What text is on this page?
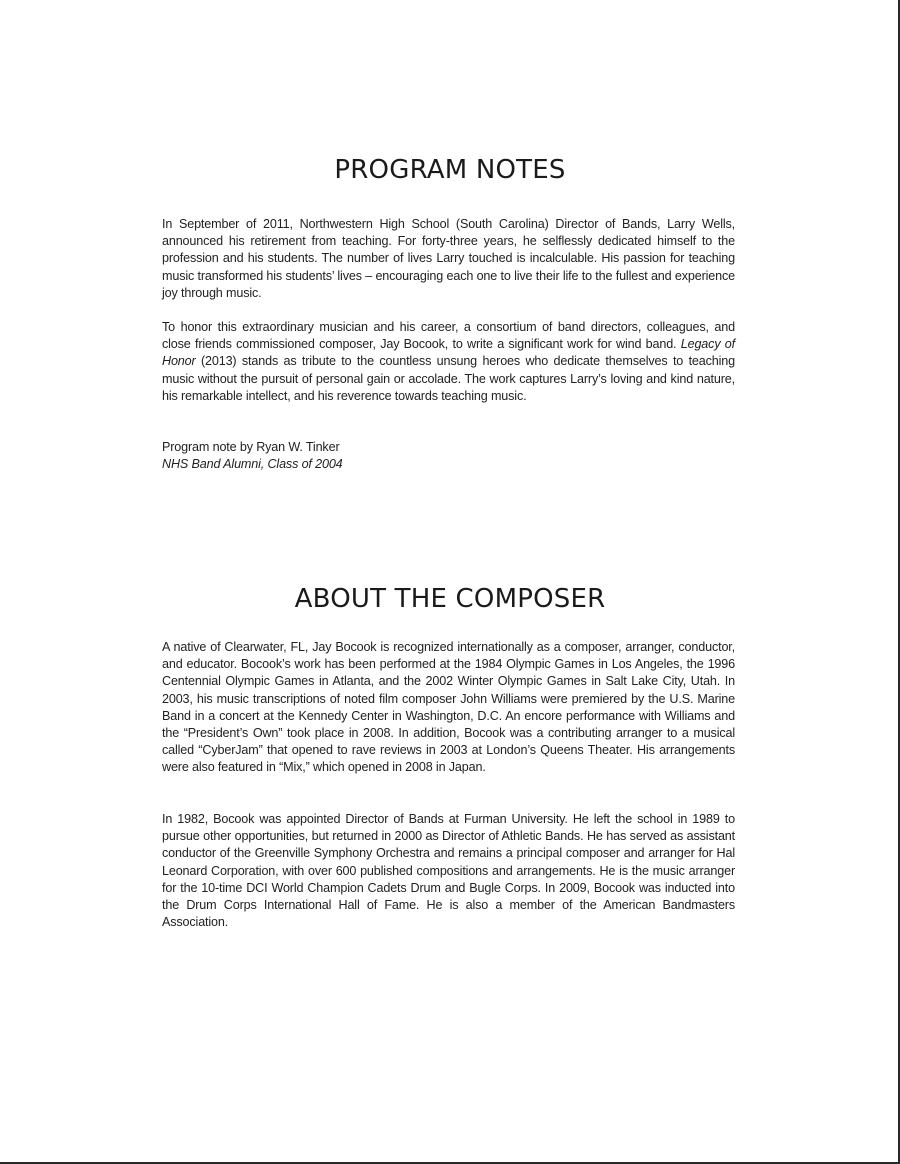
PROGRAM NOTES

In September of 2011, Northwestern High School (South Carolina) Director of Bands, Larry Wells, announced his retirement from teaching. For forty-three years, he selflessly dedicated himself to the profession and his students. The number of lives Larry touched is incalculable. His passion for teaching music transformed his students’ lives – encouraging each one to live their life to the fullest and experience joy through music.

To honor this extraordinary musician and his career, a consortium of band directors, colleagues, and close friends commissioned composer, Jay Bocook, to write a significant work for wind band. Legacy of Honor (2013) stands as tribute to the countless unsung heroes who dedicate themselves to teaching music without the pursuit of personal gain or accolade. The work captures Larry’s loving and kind nature, his remarkable intellect, and his reverence towards teaching music.

Program note by Ryan W. Tinker
NHS Band Alumni, Class of 2004

ABOUT THE COMPOSER

A native of Clearwater, FL, Jay Bocook is recognized internationally as a composer, arranger, conductor, and educator. Bocook’s work has been performed at the 1984 Olympic Games in Los Angeles, the 1996 Centennial Olympic Games in Atlanta, and the 2002 Winter Olympic Games in Salt Lake City, Utah. In 2003, his music transcriptions of noted film composer John Williams were premiered by the U.S. Marine Band in a concert at the Kennedy Center in Washington, D.C. An encore performance with Williams and the “President’s Own” took place in 2008. In addition, Bocook was a contributing arranger to a musical called “CyberJam” that opened to rave reviews in 2003 at London’s Queens Theater. His arrangements were also featured in “Mix,” which opened in 2008 in Japan.

In 1982, Bocook was appointed Director of Bands at Furman University. He left the school in 1989 to pursue other opportunities, but returned in 2000 as Director of Athletic Bands. He has served as assistant conductor of the Greenville Symphony Orchestra and remains a principal composer and arranger for Hal Leonard Corporation, with over 600 published compositions and arrangements. He is the music arranger for the 10-time DCI World Champion Cadets Drum and Bugle Corps. In 2009, Bocook was inducted into the Drum Corps International Hall of Fame. He is also a member of the American Bandmasters Association.
